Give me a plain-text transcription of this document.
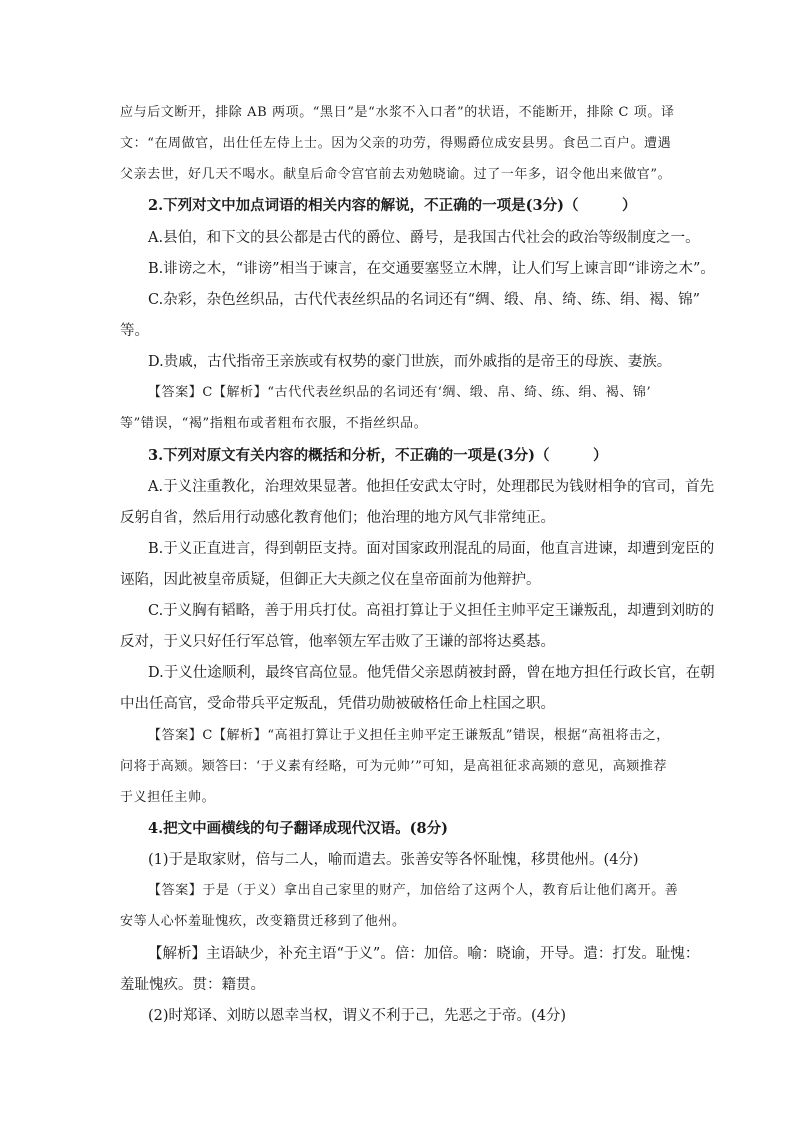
应与后文断开，排除 AB 两项。“黑日”是“水浆不入口者”的状语，不能断开，排除 C 项。译
文：“在周做官，出仕任左侍上士。因为父亲的功劳，得赐爵位成安县男。食邑二百户。遭遇
父亲去世，好几天不喝水。献皇后命令宫官前去劝勉晓谕。过了一年多，诏令他出来做官”。
2.下列对文中加点词语的相关内容的解说，不正确的一项是(3分)（　　　）
A.县伯，和下文的县公都是古代的爵位、爵号，是我国古代社会的政治等级制度之一。
B.诽谤之木，“诽谤”相当于谏言，在交通要塞竖立木牌，让人们写上谏言即“诽谤之木”。
C.杂彩，杂色丝织品，古代代表丝织品的名词还有“绸、缎、帛、绮、练、绢、褐、锦”
等。
D.贵戚，古代指帝王亲族或有权势的豪门世族，而外戚指的是帝王的母族、妻族。
【答案】C【解析】“古代代表丝织品的名词还有‘绸、缎、帛、绮、练、绢、褐、锦’
等”错误，“褐”指粗布或者粗布衣服，不指丝织品。
3.下列对原文有关内容的概括和分析，不正确的一项是(3分)（　　　）
A.于义注重教化，治理效果显著。他担任安武太守时，处理郡民为钱财相争的官司，首先
反躬自省，然后用行动感化教育他们；他治理的地方风气非常纯正。
B.于义正直进言，得到朝臣支持。面对国家政刑混乱的局面，他直言进谏，却遭到宠臣的
诬陷，因此被皇帝质疑，但御正大夫颜之仪在皇帝面前为他辩护。
C.于义胸有韬略，善于用兵打仗。高祖打算让于义担任主帅平定王谦叛乱，却遭到刘昉的
反对，于义只好任行军总管，他率领左军击败了王谦的部将达奚惎。
D.于义仕途顺利，最终官高位显。他凭借父亲恩荫被封爵，曾在地方担任行政长官，在朝
中出任高官，受命带兵平定叛乱，凭借功勋被破格任命上柱国之职。
【答案】C【解析】“高祖打算让于义担任主帅平定王谦叛乱”错误，根据“高祖将击之，
问将于高颎。颎答曰：‘于义素有经略，可为元帅’”可知，是高祖征求高颎的意见，高颎推荐
于义担任主帅。
4.把文中画横线的句子翻译成现代汉语。(8分)
(1)于是取家财，倍与二人，喻而遣去。张善安等各怀耻愧，移贯他州。(4分)
【答案】于是（于义）拿出自己家里的财产，加倍给了这两个人，教育后让他们离开。善
安等人心怀羞耻愧疚，改变籍贯迁移到了他州。
【解析】主语缺少，补充主语“于义”。倍：加倍。喻：晓谕，开导。遣：打发。耻愧：
羞耻愧疚。贯：籍贯。
(2)时郑译、刘昉以恩幸当权，谓义不利于己，先恶之于帝。(4分)
